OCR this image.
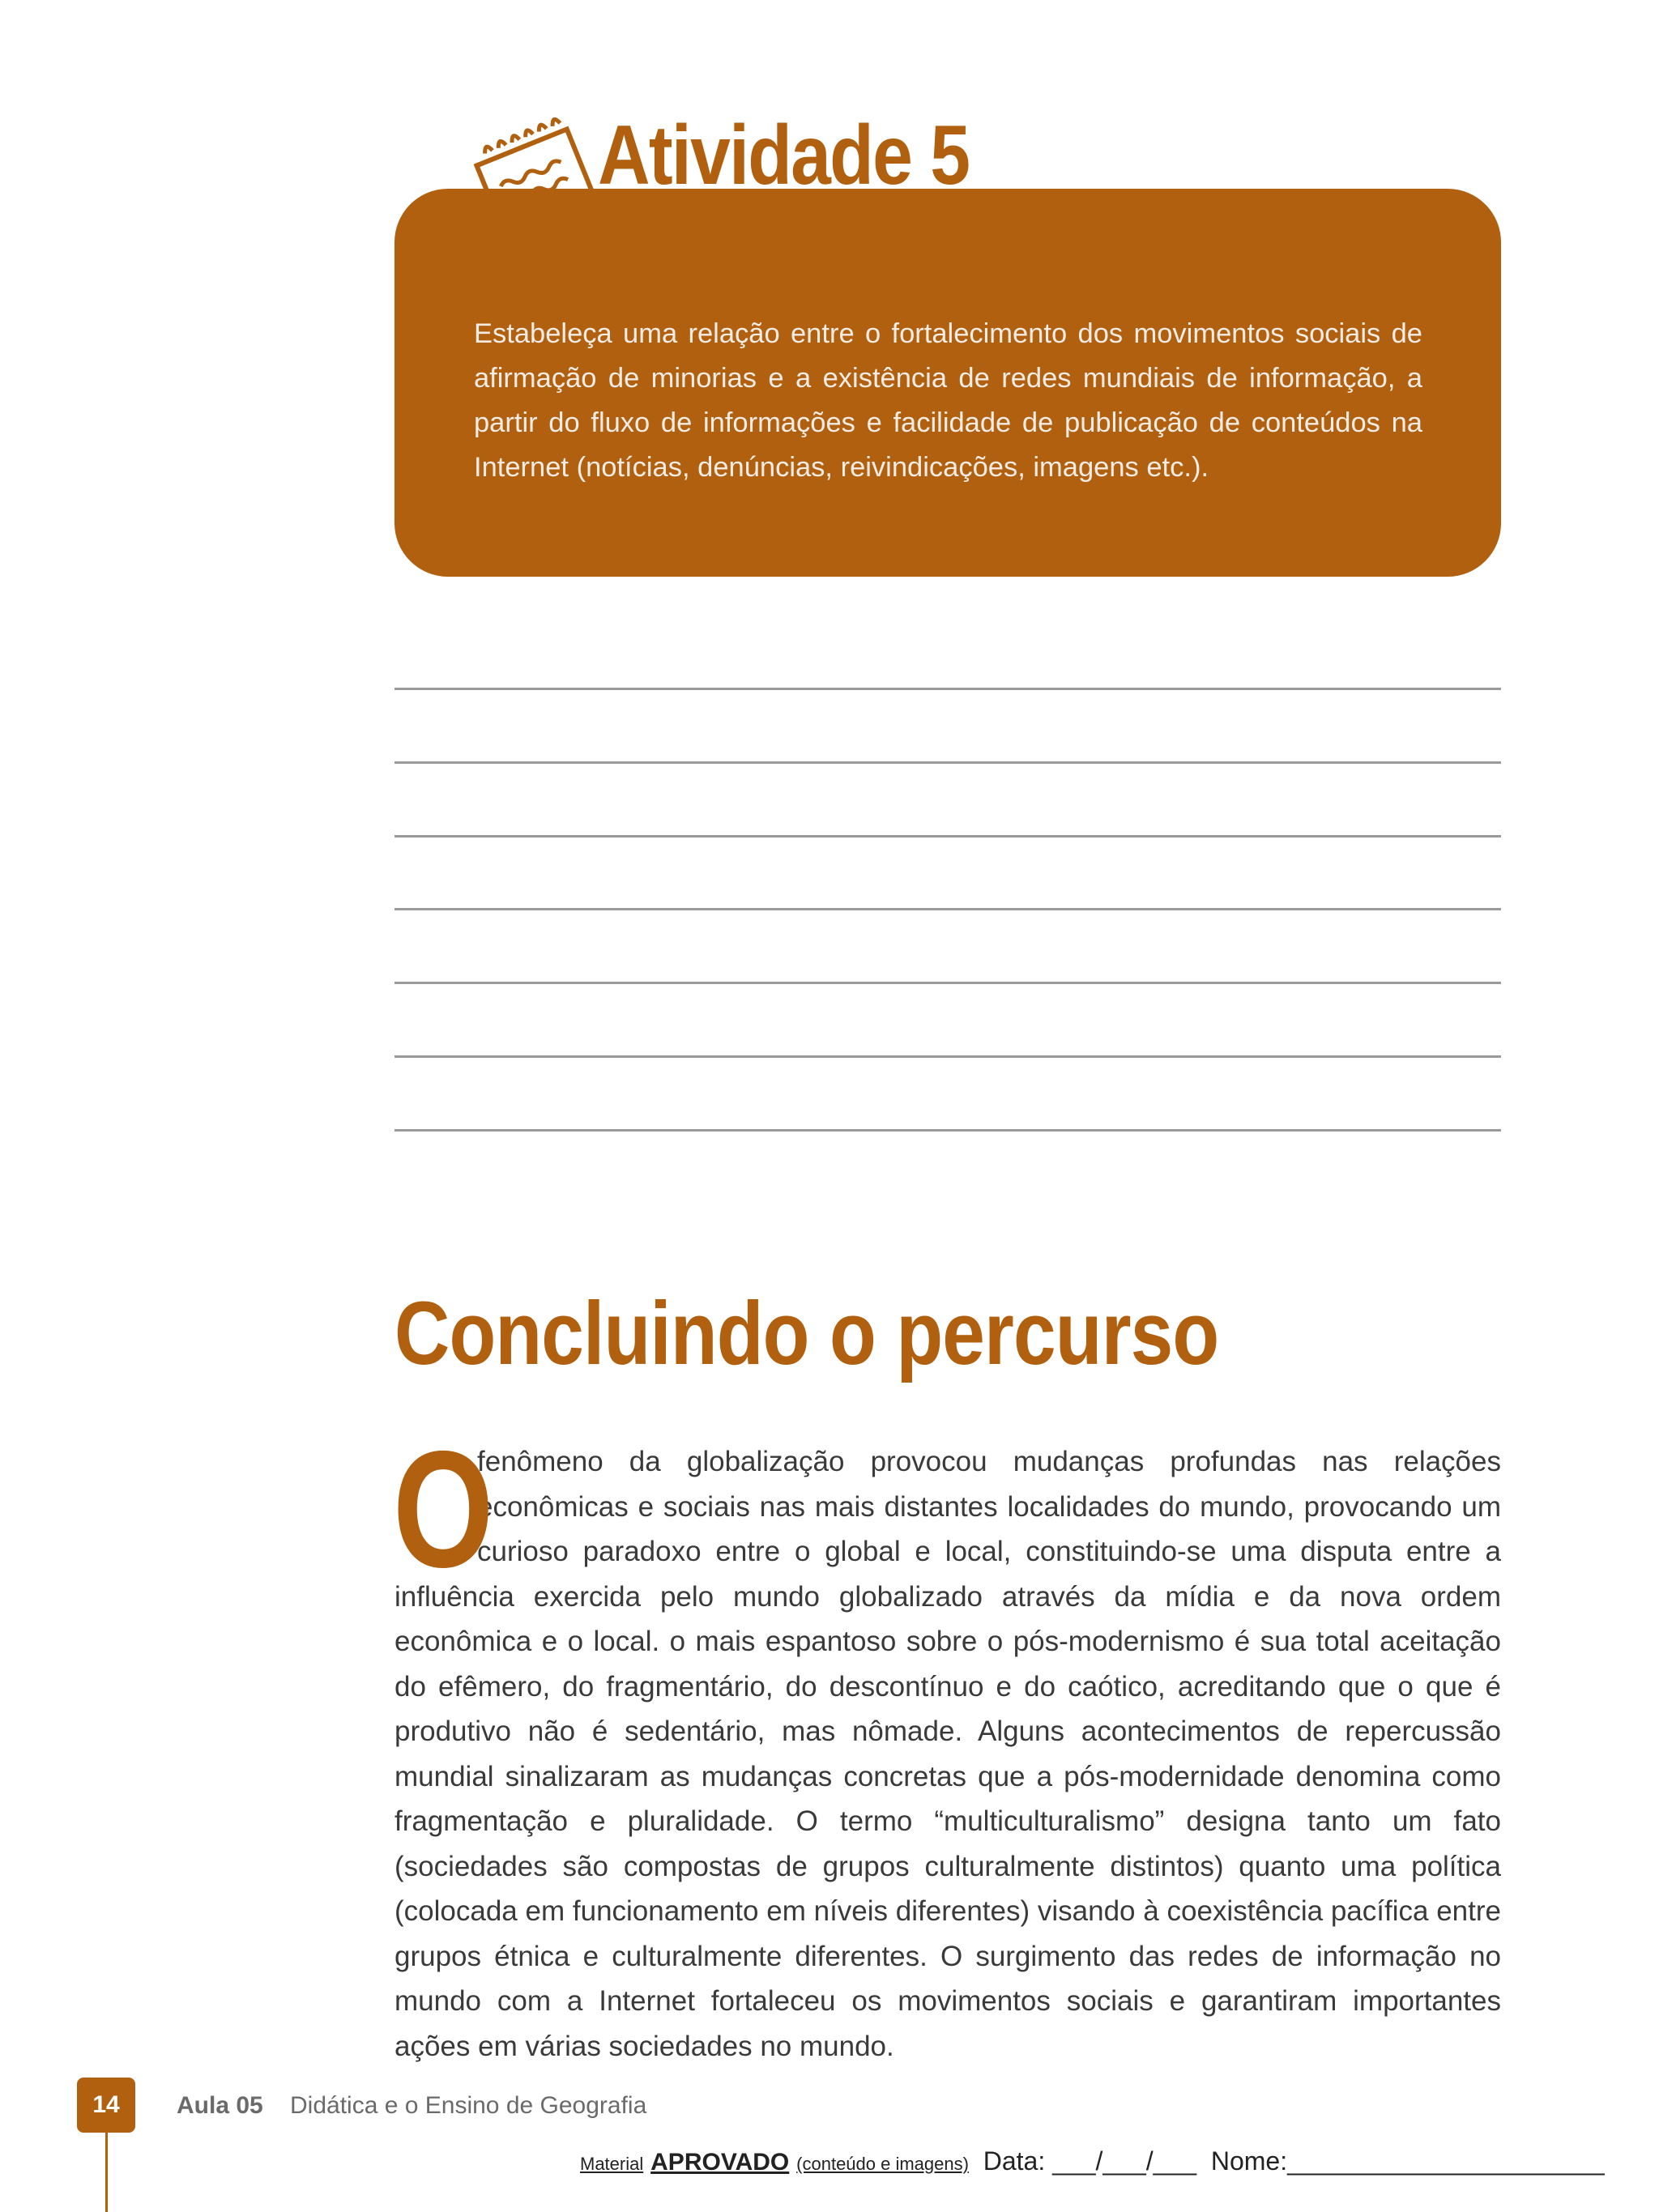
Atividade 5
Estabeleça uma relação entre o fortalecimento dos movimentos sociais de afirmação de minorias e a existência de redes mundiais de informação, a partir do fluxo de informações e facilidade de publicação de conteúdos na Internet (notícias, denúncias, reivindicações, imagens etc.).
Concluindo o percurso
O
fenômeno da globalização provocou mudanças profundas nas relações econômicas e sociais nas mais distantes localidades do mundo, provocando um curioso paradoxo entre o global e local, constituindo-se uma disputa entre a influência exercida pelo mundo globalizado através da mídia e da nova ordem econômica e o local. o mais espantoso sobre o pós-modernismo é sua total aceitação do efêmero, do fragmentário, do descontínuo e do caótico, acreditando que o que é produtivo não é sedentário, mas nômade. Alguns acontecimentos de repercussão mundial sinalizaram as mudanças concretas que a pós-modernidade denomina como fragmentação e pluralidade. O termo “multiculturalismo” designa tanto um fato (sociedades são compostas de grupos culturalmente distintos) quanto uma política (colocada em funcionamento em níveis diferentes) visando à coexistência pacífica entre grupos étnica e culturalmente diferentes. O surgimento das redes de informação no mundo com a Internet fortaleceu os movimentos sociais e garantiram importantes ações em várias sociedades no mundo.
14	Aula 05 Didática e o Ensino de Geografia
Material APROVADO (conteúdo e imagens) Data: ___/___/___ Nome:______________________
